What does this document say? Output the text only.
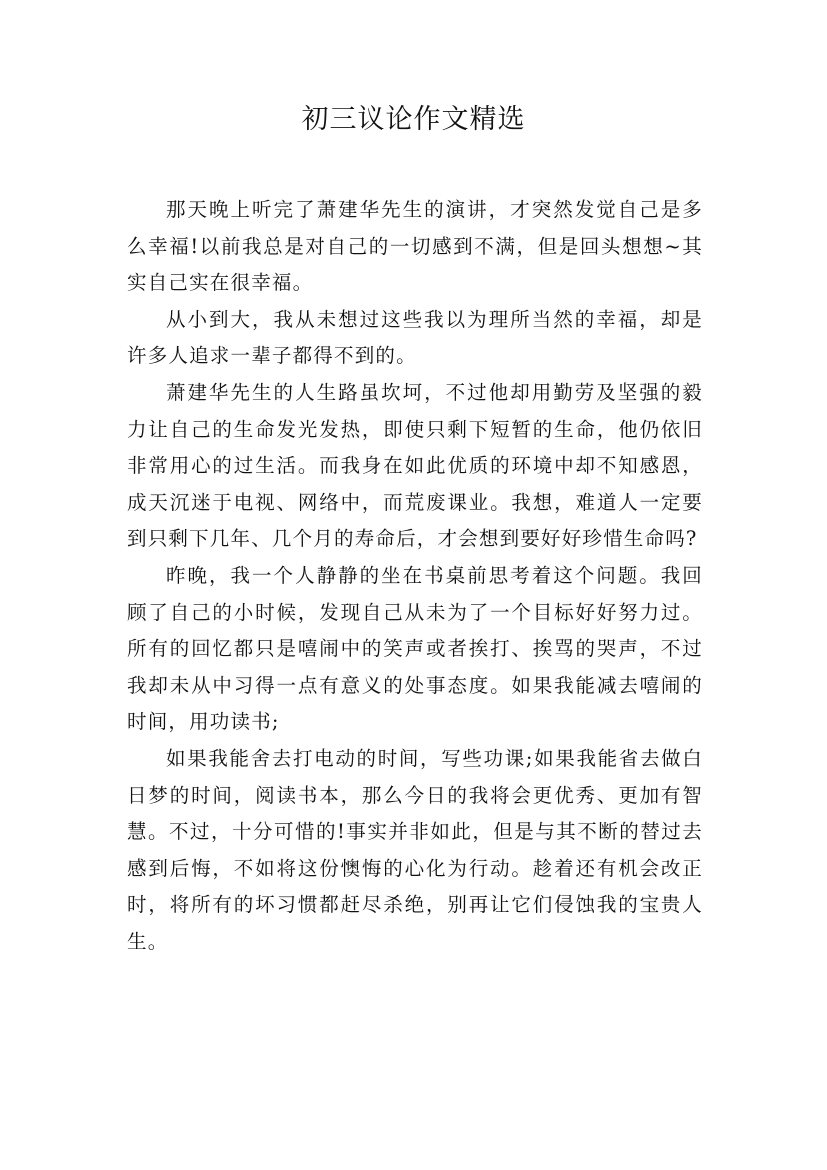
初三议论作文精选

那天晚上听完了萧建华先生的演讲，才突然发觉自己是多么幸福!以前我总是对自己的一切感到不满，但是回头想想~其实自己实在很幸福。

从小到大，我从未想过这些我以为理所当然的幸福，却是许多人追求一辈子都得不到的。

萧建华先生的人生路虽坎坷，不过他却用勤劳及坚强的毅力让自己的生命发光发热，即使只剩下短暂的生命，他仍依旧非常用心的过生活。而我身在如此优质的环境中却不知感恩，成天沉迷于电视、网络中，而荒废课业。我想，难道人一定要到只剩下几年、几个月的寿命后，才会想到要好好珍惜生命吗?

昨晚，我一个人静静的坐在书桌前思考着这个问题。我回顾了自己的小时候，发现自己从未为了一个目标好好努力过。所有的回忆都只是嘻闹中的笑声或者挨打、挨骂的哭声，不过我却未从中习得一点有意义的处事态度。如果我能减去嘻闹的时间，用功读书;

如果我能舍去打电动的时间，写些功课;如果我能省去做白日梦的时间，阅读书本，那么今日的我将会更优秀、更加有智慧。不过，十分可惜的!事实并非如此，但是与其不断的替过去感到后悔，不如将这份懊悔的心化为行动。趁着还有机会改正时，将所有的坏习惯都赶尽杀绝，别再让它们侵蚀我的宝贵人生。
